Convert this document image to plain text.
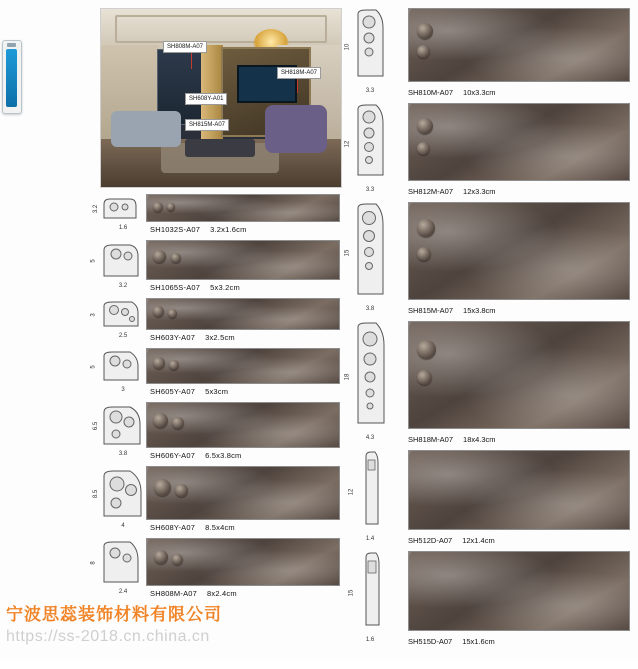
SH808M-A07
SH818M-A07
SH608Y-A01
SH815M-A07
3.2
1.6	SH1032S-A07 3.2x1.6cm
5
3.2	SH1065S-A07 5x3.2cm
3
2.5	SH603Y-A07 3x2.5cm
5
3	SH605Y-A07 5x3cm
6.5
3.8	SH606Y-A07 6.5x3.8cm
8.5
4	SH608Y-A07 8.5x4cm
8
2.4	SH808M-A07 8x2.4cm
10
3.3	SH810M-A07 10x3.3cm
12
3.3	SH812M-A07 12x3.3cm
15
3.8	SH815M-A07 15x3.8cm
18
4.3	SH818M-A07 18x4.3cm
12
1.4	SH512D-A07 12x1.4cm
15
1.6	SH515D-A07 15x1.6cm
宁波思蕊装饰材料有限公司
https://ss-2018.cn.china.cn
